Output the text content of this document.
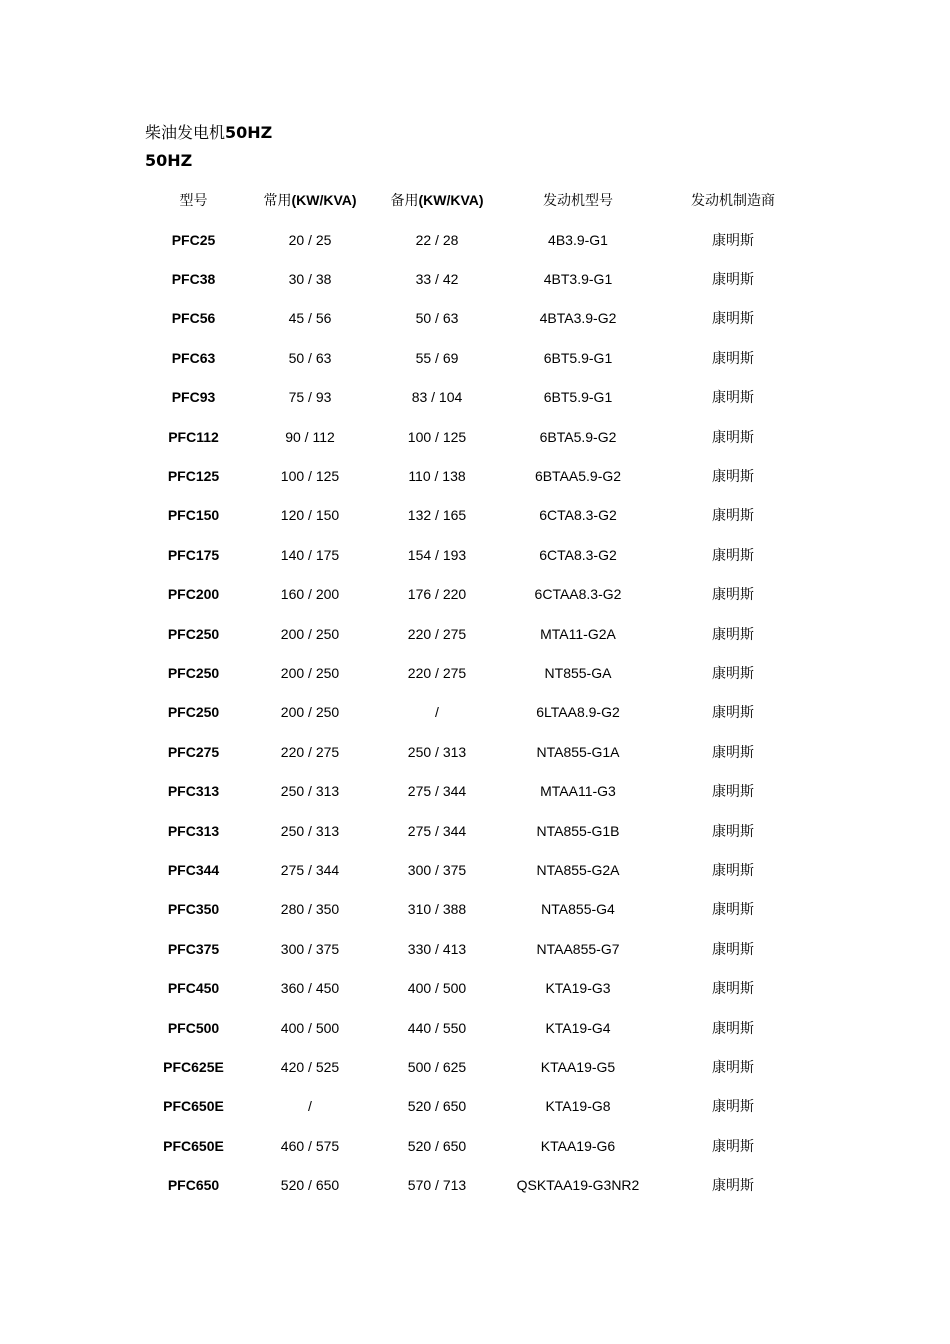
柴油发电机50HZ
50HZ
型号	常用(KW/KVA)	备用(KW/KVA)	发动机型号	发动机制造商
PFC25	20 / 25	22 / 28	4B3.9-G1	康明斯
PFC38	30 / 38	33 / 42	4BT3.9-G1	康明斯
PFC56	45 / 56	50 / 63	4BTA3.9-G2	康明斯
PFC63	50 / 63	55 / 69	6BT5.9-G1	康明斯
PFC93	75 / 93	83 / 104	6BT5.9-G1	康明斯
PFC112	90 / 112	100 / 125	6BTA5.9-G2	康明斯
PFC125	100 / 125	110 / 138	6BTAA5.9-G2	康明斯
PFC150	120 / 150	132 / 165	6CTA8.3-G2	康明斯
PFC175	140 / 175	154 / 193	6CTA8.3-G2	康明斯
PFC200	160 / 200	176 / 220	6CTAA8.3-G2	康明斯
PFC250	200 / 250	220 / 275	MTA11-G2A	康明斯
PFC250	200 / 250	220 / 275	NT855-GA	康明斯
PFC250	200 / 250	/	6LTAA8.9-G2	康明斯
PFC275	220 / 275	250 / 313	NTA855-G1A	康明斯
PFC313	250 / 313	275 / 344	MTAA11-G3	康明斯
PFC313	250 / 313	275 / 344	NTA855-G1B	康明斯
PFC344	275 / 344	300 / 375	NTA855-G2A	康明斯
PFC350	280 / 350	310 / 388	NTA855-G4	康明斯
PFC375	300 / 375	330 / 413	NTAA855-G7	康明斯
PFC450	360 / 450	400 / 500	KTA19-G3	康明斯
PFC500	400 / 500	440 / 550	KTA19-G4	康明斯
PFC625E	420 / 525	500 / 625	KTAA19-G5	康明斯
PFC650E	/	520 / 650	KTA19-G8	康明斯
PFC650E	460 / 575	520 / 650	KTAA19-G6	康明斯
PFC650	520 / 650	570 / 713	QSKTAA19-G3NR2	康明斯
